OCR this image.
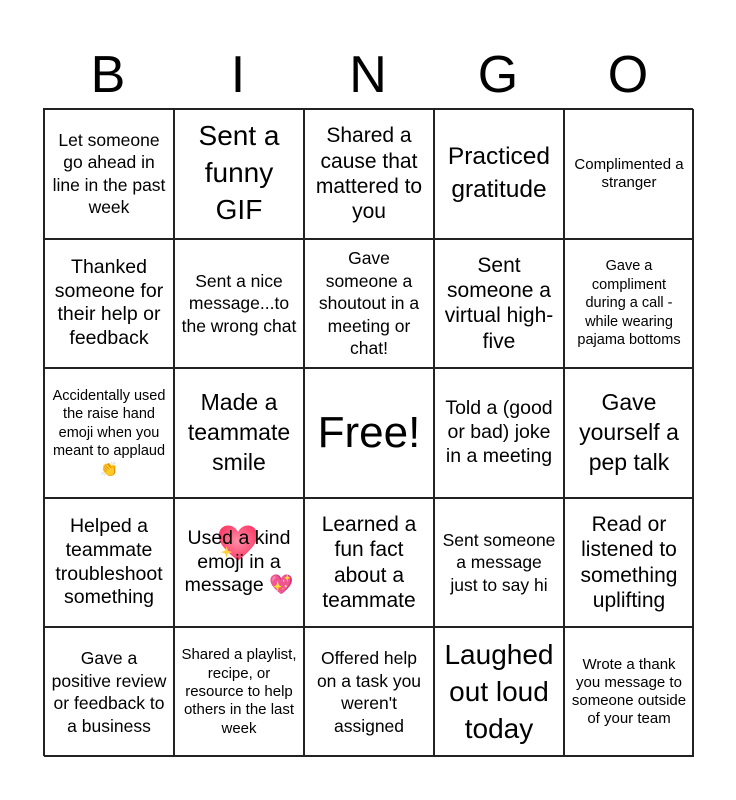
B	I	N	G	O
Let someone go ahead in line in the past week
Sent a funny GIF
Shared a cause that mattered to you
Practiced gratitude
Complimented a stranger
Thanked someone for their help or feedback
Sent a nice message...to the wrong chat
Gave someone a shoutout in a meeting or chat!
Sent someone a virtual high-five
Gave a compliment during a call - while wearing pajama bottoms
Accidentally used the raise hand emoji when you meant to applaud 👏
Made a teammate smile
Free! Told a (good or bad) joke in a meeting
Gave yourself a pep talk
Helped a teammate troubleshoot something
Used a kind emoji in a message 💖
Learned a fun fact about a teammate
Sent someone a message just to say hi
Read or listened to something uplifting
Gave a positive review or feedback to a business
Shared a playlist, recipe, or resource to help others in the last week
Offered help on a task you weren't assigned
Laughed out loud today
Wrote a thank you message to someone outside of your team
